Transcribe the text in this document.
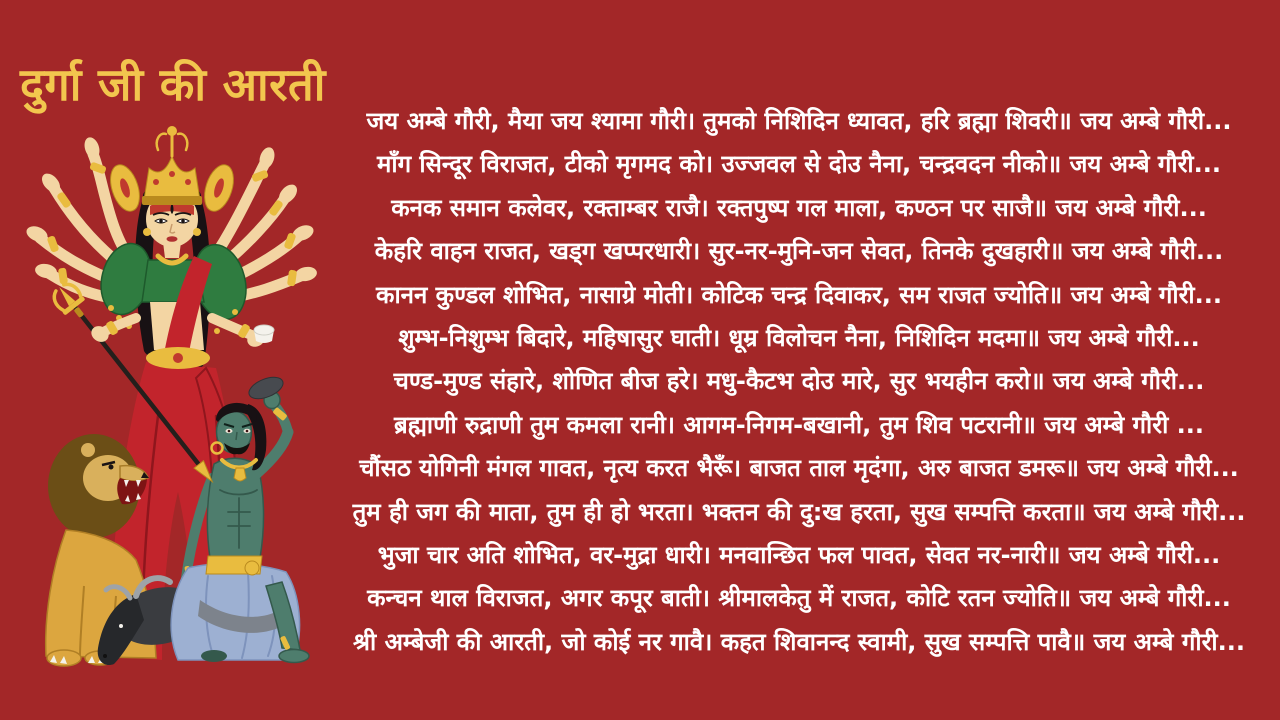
दुर्गा जी की आरती
जय अम्बे गौरी, मैया जय श्यामा गौरी। तुमको निशिदिन ध्यावत, हरि ब्रह्मा शिवरी॥ जय अम्बे गौरी...
माँग सिन्दूर विराजत, टीको मृगमद को। उज्जवल से दोउ नैना, चन्द्रवदन नीको॥ जय अम्बे गौरी...
कनक समान कलेवर, रक्ताम्बर राजै। रक्तपुष्प गल माला, कण्ठन पर साजै॥ जय अम्बे गौरी...
केहरि वाहन राजत, खड्ग खप्परधारी। सुर-नर-मुनि-जन सेवत, तिनके दुखहारी॥ जय अम्बे गौरी...
कानन कुण्डल शोभित, नासाग्रे मोती। कोटिक चन्द्र दिवाकर, सम राजत ज्योति॥ जय अम्बे गौरी...
शुम्भ-निशुम्भ बिदारे, महिषासुर घाती। धूम्र विलोचन नैना, निशिदिन मदमा॥ जय अम्बे गौरी...
चण्ड-मुण्ड संहारे, शोणित बीज हरे। मधु-कैटभ दोउ मारे, सुर भयहीन करो॥ जय अम्बे गौरी...
ब्रह्माणी रुद्राणी तुम कमला रानी। आगम-निगम-बखानी, तुम शिव पटरानी॥ जय अम्बे गौरी ...
चौंसठ योगिनी मंगल गावत, नृत्य करत भैरूँ। बाजत ताल मृदंगा, अरु बाजत डमरू॥ जय अम्बे गौरी...
तुम ही जग की माता, तुम ही हो भरता। भक्तन की दु:ख हरता, सुख सम्पत्ति करता॥ जय अम्बे गौरी...
भुजा चार अति शोभित, वर-मुद्रा धारी। मनवान्छित फल पावत, सेवत नर-नारी॥ जय अम्बे गौरी...
कन्चन थाल विराजत, अगर कपूर बाती। श्रीमालकेतु में राजत, कोटि रतन ज्योति॥ जय अम्बे गौरी...
श्री अम्बेजी की आरती, जो कोई नर गावै। कहत शिवानन्द स्वामी, सुख सम्पत्ति पावै॥ जय अम्बे गौरी...
